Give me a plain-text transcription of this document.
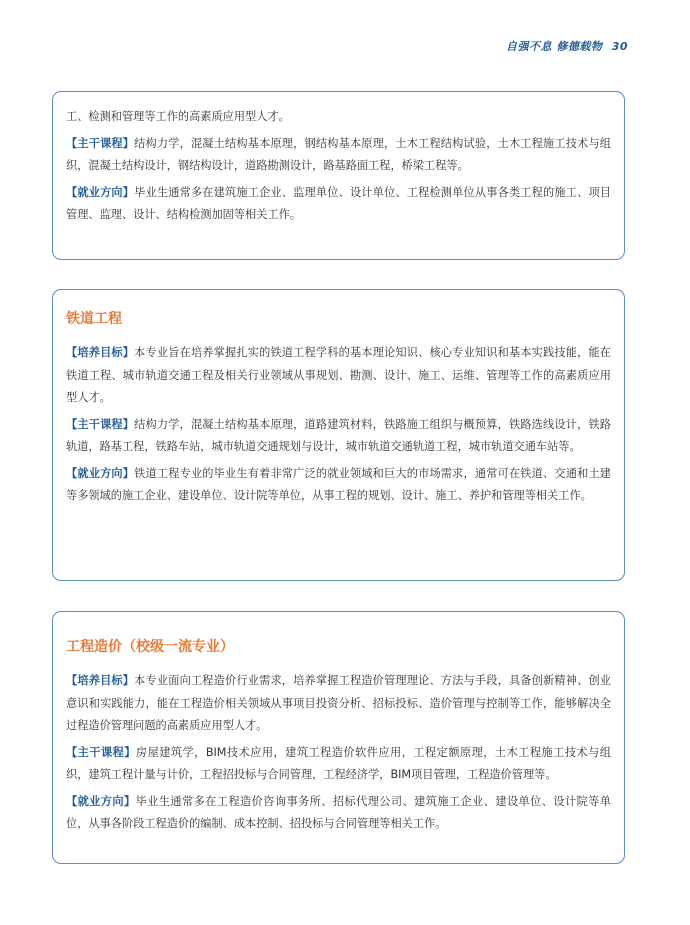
自强不息 修德载物 30

工、检测和管理等工作的高素质应用型人才。

【主干课程】结构力学，混凝土结构基本原理，钢结构基本原理，土木工程结构试验，土木工程施工技术与组织，混凝土结构设计，钢结构设计，道路勘测设计，路基路面工程，桥梁工程等。

【就业方向】毕业生通常多在建筑施工企业、监理单位、设计单位、工程检测单位从事各类工程的施工、项目管理、监理、设计、结构检测加固等相关工作。

铁道工程

【培养目标】本专业旨在培养掌握扎实的铁道工程学科的基本理论知识、核心专业知识和基本实践技能，能在铁道工程、城市轨道交通工程及相关行业领域从事规划、勘测、设计、施工、运维、管理等工作的高素质应用型人才。

【主干课程】结构力学，混凝土结构基本原理，道路建筑材料，铁路施工组织与概预算，铁路选线设计，铁路轨道，路基工程，铁路车站，城市轨道交通规划与设计，城市轨道交通轨道工程，城市轨道交通车站等。

【就业方向】铁道工程专业的毕业生有着非常广泛的就业领域和巨大的市场需求，通常可在铁道、交通和土建等多领域的施工企业、建设单位、设计院等单位，从事工程的规划、设计、施工、养护和管理等相关工作。

工程造价（校级一流专业）

【培养目标】本专业面向工程造价行业需求，培养掌握工程造价管理理论、方法与手段，具备创新精神、创业意识和实践能力，能在工程造价相关领域从事项目投资分析、招标投标、造价管理与控制等工作，能够解决全过程造价管理问题的高素质应用型人才。

【主干课程】房屋建筑学，BIM技术应用，建筑工程造价软件应用，工程定额原理，土木工程施工技术与组织，建筑工程计量与计价，工程招投标与合同管理，工程经济学，BIM项目管理，工程造价管理等。

【就业方向】毕业生通常多在工程造价咨询事务所、招标代理公司、建筑施工企业、建设单位、设计院等单位，从事各阶段工程造价的编制、成本控制、招投标与合同管理等相关工作。
